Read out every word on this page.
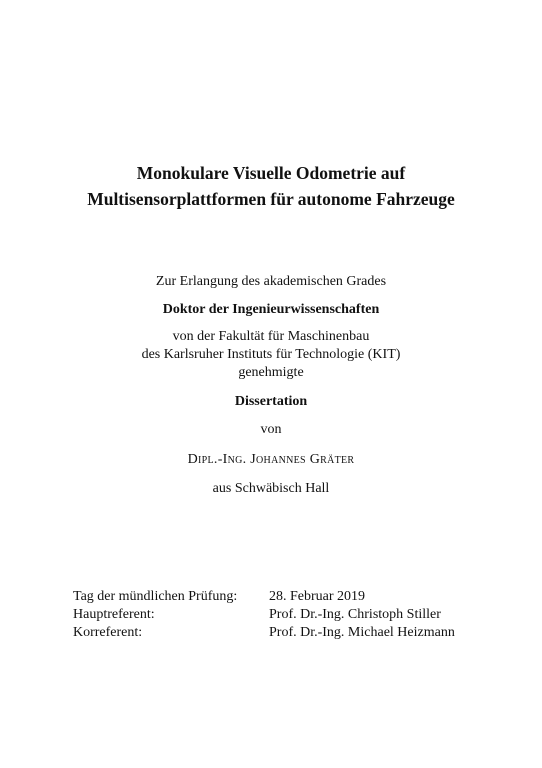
Monokulare Visuelle Odometrie auf
Multisensorplattformen für autonome Fahrzeuge
Zur Erlangung des akademischen Grades
Doktor der Ingenieurwissenschaften
von der Fakultät für Maschinenbau
des Karlsruher Instituts für Technologie (KIT)
genehmigte
Dissertation
von
Dipl.-Ing. Johannes Gräter
aus Schwäbisch Hall
Tag der mündlichen Prüfung:	28. Februar 2019
Hauptreferent:	Prof. Dr.-Ing. Christoph Stiller
Korreferent:	Prof. Dr.-Ing. Michael Heizmann
